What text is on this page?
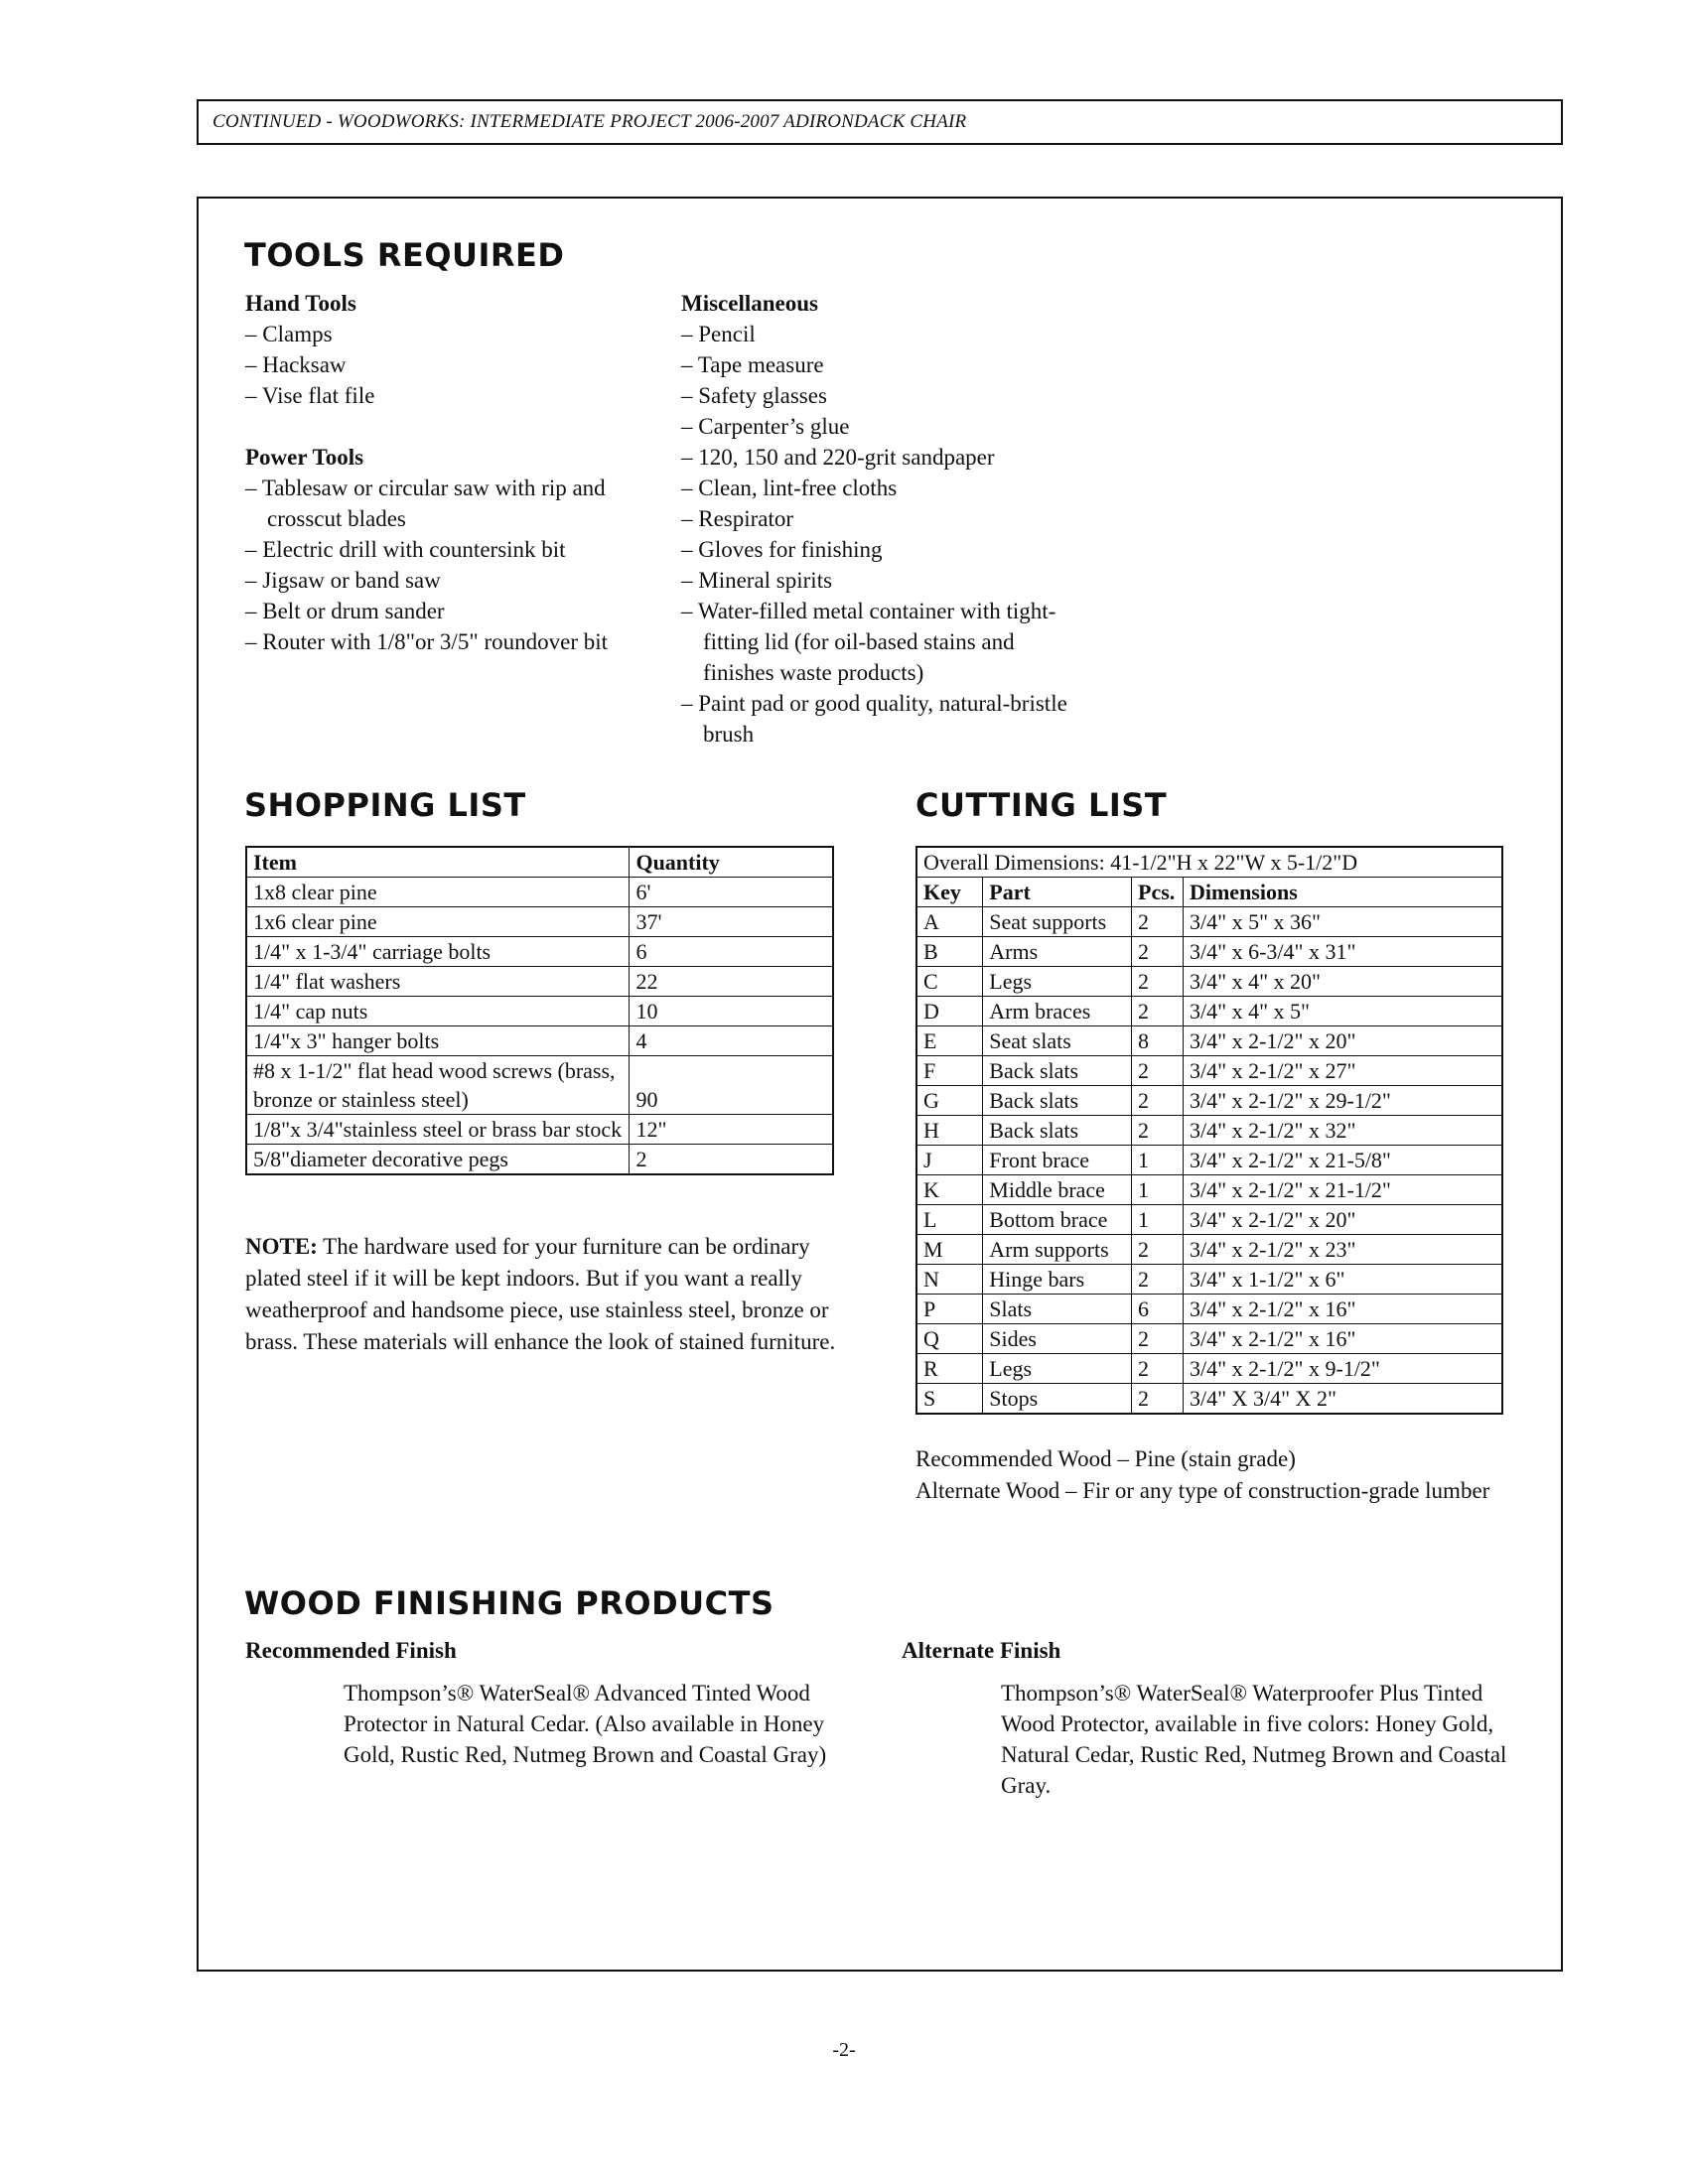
CONTINUED - WOODWORKS: INTERMEDIATE PROJECT 2006-2007 ADIRONDACK CHAIR
TOOLS REQUIRED
Hand Tools
– Clamps
– Hacksaw
– Vise flat file
Power Tools
– Tablesaw or circular saw with rip and crosscut blades
– Electric drill with countersink bit
– Jigsaw or band saw
– Belt or drum sander
– Router with 1/8"or 3/5" roundover bit
Miscellaneous
– Pencil
– Tape measure
– Safety glasses
– Carpenter’s glue
– 120, 150 and 220-grit sandpaper
– Clean, lint-free cloths
– Respirator
– Gloves for finishing
– Mineral spirits
– Water-filled metal container with tight-fitting lid (for oil-based stains and finishes waste products)
– Paint pad or good quality, natural-bristle brush
SHOPPING LIST
Item	Quantity
1x8 clear pine	6'
1x6 clear pine	37'
1/4" x 1-3/4" carriage bolts	6
1/4" flat washers	22
1/4" cap nuts	10
1/4"x 3" hanger bolts	4
#8 x 1-1/2" flat head wood screws (brass, bronze or stainless steel)	90
1/8"x 3/4"stainless steel or brass bar stock	12"
5/8"diameter decorative pegs	2
NOTE: The hardware used for your furniture can be ordinary plated steel if it will be kept indoors. But if you want a really weatherproof and handsome piece, use stainless steel, bronze or brass. These materials will enhance the look of stained furniture.
CUTTING LIST
Overall Dimensions: 41-1/2"H x 22"W x 5-1/2"D			
Key	Part	Pcs.	Dimensions
A	Seat supports	2	3/4" x 5" x 36"
B	Arms	2	3/4" x 6-3/4" x 31"
C	Legs	2	3/4" x 4" x 20"
D	Arm braces	2	3/4" x 4" x 5"
E	Seat slats	8	3/4" x 2-1/2" x 20"
F	Back slats	2	3/4" x 2-1/2" x 27"
G	Back slats	2	3/4" x 2-1/2" x 29-1/2"
H	Back slats	2	3/4" x 2-1/2" x 32"
J	Front brace	1	3/4" x 2-1/2" x 21-5/8"
K	Middle brace	1	3/4" x 2-1/2" x 21-1/2"
L	Bottom brace	1	3/4" x 2-1/2" x 20"
M	Arm supports	2	3/4" x 2-1/2" x 23"
N	Hinge bars	2	3/4" x 1-1/2" x 6"
P	Slats	6	3/4" x 2-1/2" x 16"
Q	Sides	2	3/4" x 2-1/2" x 16"
R	Legs	2	3/4" x 2-1/2" x 9-1/2"
S	Stops	2	3/4" X 3/4" X 2"
Recommended Wood – Pine (stain grade)
Alternate Wood – Fir or any type of construction-grade lumber
WOOD FINISHING PRODUCTS
Recommended Finish
Thompson’s® WaterSeal® Advanced Tinted Wood Protector in Natural Cedar. (Also available in Honey Gold, Rustic Red, Nutmeg Brown and Coastal Gray)
Alternate Finish
Thompson’s® WaterSeal® Waterproofer Plus Tinted Wood Protector, available in five colors: Honey Gold, Natural Cedar, Rustic Red, Nutmeg Brown and Coastal Gray.
-2-
